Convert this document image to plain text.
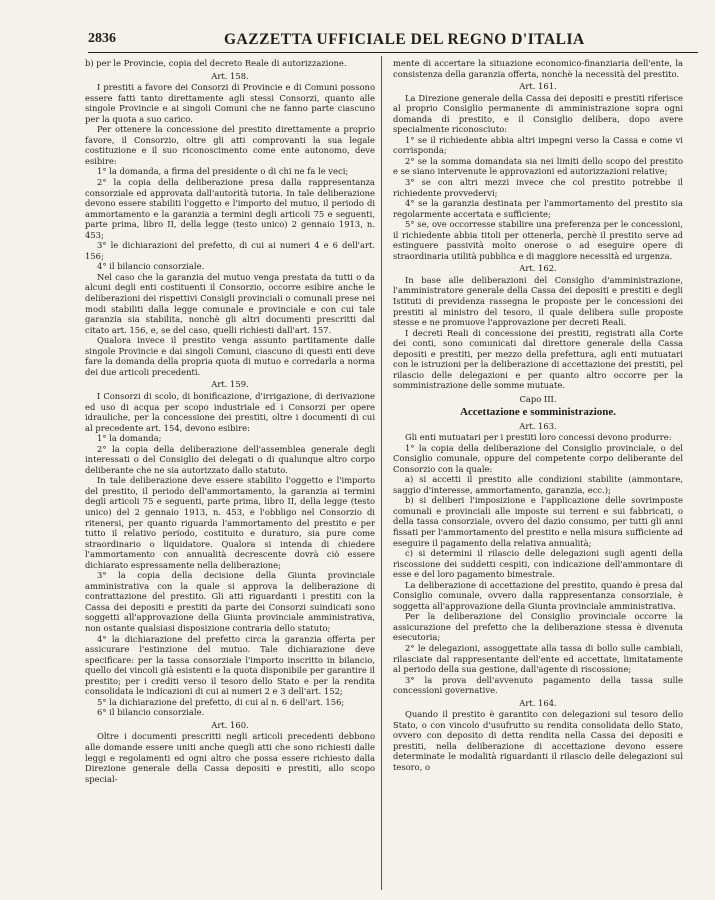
2836	GAZZETTA UFFICIALE DEL REGNO D'ITALIA

b) per le Provincie, copia del decreto Reale di autorizzazione.

Art. 158.

I prestiti a favore dei Consorzi di Provincie e di Comuni possono essere fatti tanto direttamente agli stessi Consorzi, quanto alle singole Provincie e ai singoli Comuni che ne fanno parte ciascuno per la quota a suo carico.

Per ottenere la concessione del prestito direttamente a proprio favore, il Consorzio, oltre gli atti comprovanti la sua legale costituzione e il suo riconoscimento come ente autonomo, deve esibire:

1° la domanda, a firma del presidente o di chi ne fa le veci;

2° la copia della deliberazione presa dalla rappresentanza consorziale ed approvata dall'autorità tutoria. In tale deliberazione devono essere stabiliti l'oggetto e l'importo del mutuo, il periodo di ammortamento e la garanzia a termini degli articoli 75 e seguenti, parte prima, libro II, della legge (testo unico) 2 gennaio 1913, n. 453;

3° le dichiarazioni del prefetto, di cui ai numeri 4 e 6 dell'art. 156;

4° il bilancio consorziale.

Nel caso che la garanzia del mutuo venga prestata da tutti o da alcuni degli enti costituenti il Consorzio, occorre esibire anche le deliberazioni dei rispettivi Consigli provinciali o comunali prese nei modi stabiliti dalla legge comunale e provinciale e con cui tale garanzia sia stabilita, nonchè gli altri documenti prescritti dal citato art. 156, e, se del caso, quelli richiesti dall'art. 157.

Qualora invece il prestito venga assunto partitamente dalle singole Provincie e dai singoli Comuni, ciascuno di questi enti deve fare la domanda della propria quota di mutuo e corredarla a norma dei due articoli precedenti.

Art. 159.

I Consorzi di scolo, di bonificazione, d'irrigazione, di derivazione ed uso di acqua per scopo industriale ed i Consorzi per opere idrauliche, per la concessione dei prestiti, oltre i documenti di cui al precedente art. 154, devono esibire:

1° la domanda;

2° la copia della deliberazione dell'assemblea generale degli interessati o del Consiglio dei delegati o di qualunque altro corpo deliberante che ne sia autorizzato dallo statuto.

In tale deliberazione deve essere stabilito l'oggetto e l'importo del prestito, il periodo dell'ammortamento, la garanzia ai termini degli articoli 75 e seguenti, parte prima, libro II, della legge (testo unico) del 2 gennaio 1913, n. 453, e l'obbligo nel Consorzio di ritenersi, per quanto riguarda l'ammortamento del prestito e per tutto il relativo periodo, costituito e duraturo, sia pure come straordinario o liquidatore. Qualora si intenda di chiedere l'ammortamento con annualità decrescente dovrà ciò essere dichiarato espressamente nella deliberazione;

3° la copia della decisione della Giunta provinciale amministrativa con la quale si approva la deliberazione di contrattazione del prestito. Gli atti riguardanti i prestiti con la Cassa dei depositi e prestiti da parte dei Consorzi suindicati sono soggetti all'approvazione della Giunta provinciale amministrativa, non ostante qualsiasi disposizione contraria dello statuto;

4° la dichiarazione del prefetto circa la garanzia offerta per assicurare l'estinzione del mutuo. Tale dichiarazione deve specificare: per la tassa consorziale l'importo inscritto in bilancio, quello dei vincoli già esistenti e la quota disponibile per garantire il prestito; per i crediti verso il tesoro dello Stato e per la rendita consolidata le indicazioni di cui ai numeri 2 e 3 dell'art. 152;

5° la dichiarazione del prefetto, di cui al n. 6 dell'art. 156;

6° il bilancio consorziale.

Art. 160.

Oltre i documenti prescritti negli articoli precedenti debbono alle domande essere uniti anche quegli atti che sono richiesti dalle leggi e regolamenti ed ogni altro che possa essere richiesto dalla Direzione generale della Cassa depositi e prestiti, allo scopo special-

mente di accertare la situazione economico-finanziaria dell'ente, la consistenza della garanzia offerta, nonchè la necessità del prestito.

Art. 161.

La Direzione generale della Cassa dei depositi e prestiti riferisce al proprio Consiglio permanente di amministrazione sopra ogni domanda di prestito, e il Consiglio delibera, dopo avere specialmente riconosciuto:

1° se il richiedente abbia altri impegni verso la Cassa e come vi corrisponda;

2° se la somma domandata sia nei limiti dello scopo del prestito e se siano intervenute le approvazioni ed autorizzazioni relative;

3° se con altri mezzi invece che col prestito potrebbe il richiedente provvedervi;

4° se la garanzia destinata per l'ammortamento del prestito sia regolarmente accertata e sufficiente;

5° se, ove occorresse stabilire una preferenza per le concessioni, il richiedente abbia titoli per ottenerla, perchè il prestito serve ad estinguere passività molto onerose o ad eseguire opere di straordinaria utilità pubblica e di maggiore necessità ed urgenza.

Art. 162.

In base alle deliberazioni del Consiglio d'amministrazione, l'amministratore generale della Cassa dei depositi e prestiti e degli Istituti di previdenza rassegna le proposte per le concessioni dei prestiti al ministro del tesoro, il quale delibera sulle proposte stesse e ne promuove l'approvazione per decreti Reali.

I decreti Reali di concessione dei prestiti, registrati alla Corte dei conti, sono comunicati dal direttore generale della Cassa depositi e prestiti, per mezzo della prefettura, agli enti mutuatari con le istruzioni per la deliberazione di accettazione dei prestiti, pel rilascio delle delegazioni e per quanto altro occorre per la somministrazione delle somme mutuate.

Capo III.

Accettazione e somministrazione.

Art. 163.

Gli enti mutuatari per i prestiti loro concessi devono produrre:

1° la copia della deliberazione del Consiglio provinciale, o del Consiglio comunale, oppure del competente corpo deliberante del Consorzio con la quale:

a) si accetti il prestito alle condizioni stabilite (ammontare, saggio d'interesse, ammortamento, garanzia, ecc.);

b) si deliberi l'imposizione e l'applicazione delle sovrimposte comunali e provinciali alle imposte sui terreni e sui fabbricati, o della tassa consorziale, ovvero del dazio consumo, per tutti gli anni fissati per l'ammortamento del prestito e nella misura sufficiente ad eseguire il pagamento della relativa annualità;

c) si determini il rilascio delle delegazioni sugli agenti della riscossione dei suddetti cespiti, con indicazione dell'ammontare di esse e del loro pagamento bimestrale.

La deliberazione di accettazione del prestito, quando è presa dal Consiglio comunale, ovvero dalla rappresentanza consorziale, è soggetta all'approvazione della Giunta provinciale amministrativa.

Per la deliberazione del Consiglio provinciale occorre la assicurazione del prefetto che la deliberazione stessa è divenuta esecutoria;

2° le delegazioni, assoggettate alla tassa di bollo sulle cambiali, rilasciate dal rappresentante dell'ente ed accettate, limitatamente al periodo della sua gestione, dall'agente di riscossione;

3° la prova dell'avvenuto pagamento della tassa sulle concessioni governative.

Art. 164.

Quando il prestito è garantito con delegazioni sul tesoro dello Stato, o con vincolo d'usufrutto su rendita consolidata dello Stato, ovvero con deposito di detta rendita nella Cassa dei depositi e prestiti, nella deliberazione di accettazione devono essere determinate le modalità riguardanti il rilascio delle delegazioni sul tesoro, o
